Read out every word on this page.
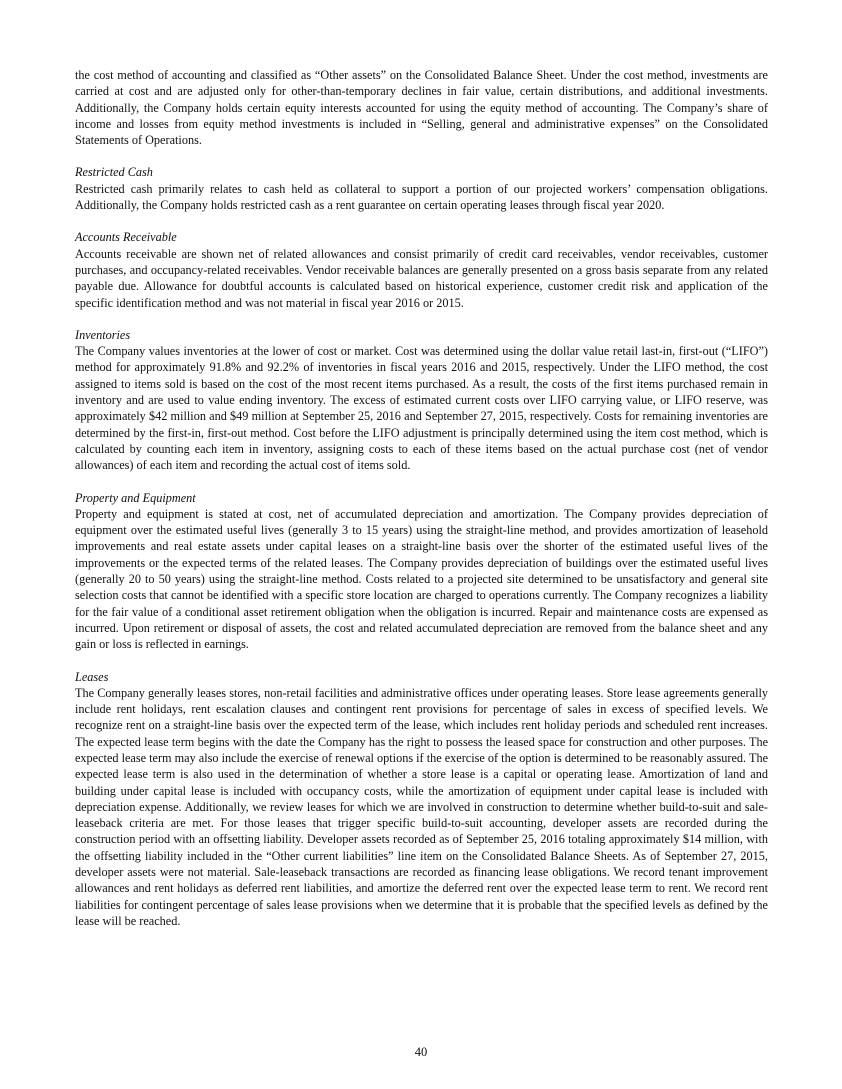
the cost method of accounting and classified as “Other assets” on the Consolidated Balance Sheet. Under the cost method, investments are carried at cost and are adjusted only for other-than-temporary declines in fair value, certain distributions, and additional investments. Additionally, the Company holds certain equity interests accounted for using the equity method of accounting. The Company’s share of income and losses from equity method investments is included in “Selling, general and administrative expenses” on the Consolidated Statements of Operations.

Restricted Cash

Restricted cash primarily relates to cash held as collateral to support a portion of our projected workers’ compensation obligations. Additionally, the Company holds restricted cash as a rent guarantee on certain operating leases through fiscal year 2020.

Accounts Receivable

Accounts receivable are shown net of related allowances and consist primarily of credit card receivables, vendor receivables, customer purchases, and occupancy-related receivables. Vendor receivable balances are generally presented on a gross basis separate from any related payable due. Allowance for doubtful accounts is calculated based on historical experience, customer credit risk and application of the specific identification method and was not material in fiscal year 2016 or 2015.

Inventories

The Company values inventories at the lower of cost or market. Cost was determined using the dollar value retail last-in, first-out (“LIFO”) method for approximately 91.8% and 92.2% of inventories in fiscal years 2016 and 2015, respectively. Under the LIFO method, the cost assigned to items sold is based on the cost of the most recent items purchased. As a result, the costs of the first items purchased remain in inventory and are used to value ending inventory. The excess of estimated current costs over LIFO carrying value, or LIFO reserve, was approximately $42 million and $49 million at September 25, 2016 and September 27, 2015, respectively. Costs for remaining inventories are determined by the first-in, first-out method. Cost before the LIFO adjustment is principally determined using the item cost method, which is calculated by counting each item in inventory, assigning costs to each of these items based on the actual purchase cost (net of vendor allowances) of each item and recording the actual cost of items sold.

Property and Equipment

Property and equipment is stated at cost, net of accumulated depreciation and amortization. The Company provides depreciation of equipment over the estimated useful lives (generally 3 to 15 years) using the straight-line method, and provides amortization of leasehold improvements and real estate assets under capital leases on a straight-line basis over the shorter of the estimated useful lives of the improvements or the expected terms of the related leases. The Company provides depreciation of buildings over the estimated useful lives (generally 20 to 50 years) using the straight-line method. Costs related to a projected site determined to be unsatisfactory and general site selection costs that cannot be identified with a specific store location are charged to operations currently. The Company recognizes a liability for the fair value of a conditional asset retirement obligation when the obligation is incurred. Repair and maintenance costs are expensed as incurred. Upon retirement or disposal of assets, the cost and related accumulated depreciation are removed from the balance sheet and any gain or loss is reflected in earnings.

Leases

The Company generally leases stores, non-retail facilities and administrative offices under operating leases. Store lease agreements generally include rent holidays, rent escalation clauses and contingent rent provisions for percentage of sales in excess of specified levels. We recognize rent on a straight-line basis over the expected term of the lease, which includes rent holiday periods and scheduled rent increases. The expected lease term begins with the date the Company has the right to possess the leased space for construction and other purposes. The expected lease term may also include the exercise of renewal options if the exercise of the option is determined to be reasonably assured. The expected lease term is also used in the determination of whether a store lease is a capital or operating lease. Amortization of land and building under capital lease is included with occupancy costs, while the amortization of equipment under capital lease is included with depreciation expense. Additionally, we review leases for which we are involved in construction to determine whether build-to-suit and sale-leaseback criteria are met. For those leases that trigger specific build-to-suit accounting, developer assets are recorded during the construction period with an offsetting liability. Developer assets recorded as of September 25, 2016 totaling approximately $14 million, with the offsetting liability included in the “Other current liabilities” line item on the Consolidated Balance Sheets. As of September 27, 2015, developer assets were not material. Sale-leaseback transactions are recorded as financing lease obligations. We record tenant improvement allowances and rent holidays as deferred rent liabilities, and amortize the deferred rent over the expected lease term to rent. We record rent liabilities for contingent percentage of sales lease provisions when we determine that it is probable that the specified levels as defined by the lease will be reached.

40
